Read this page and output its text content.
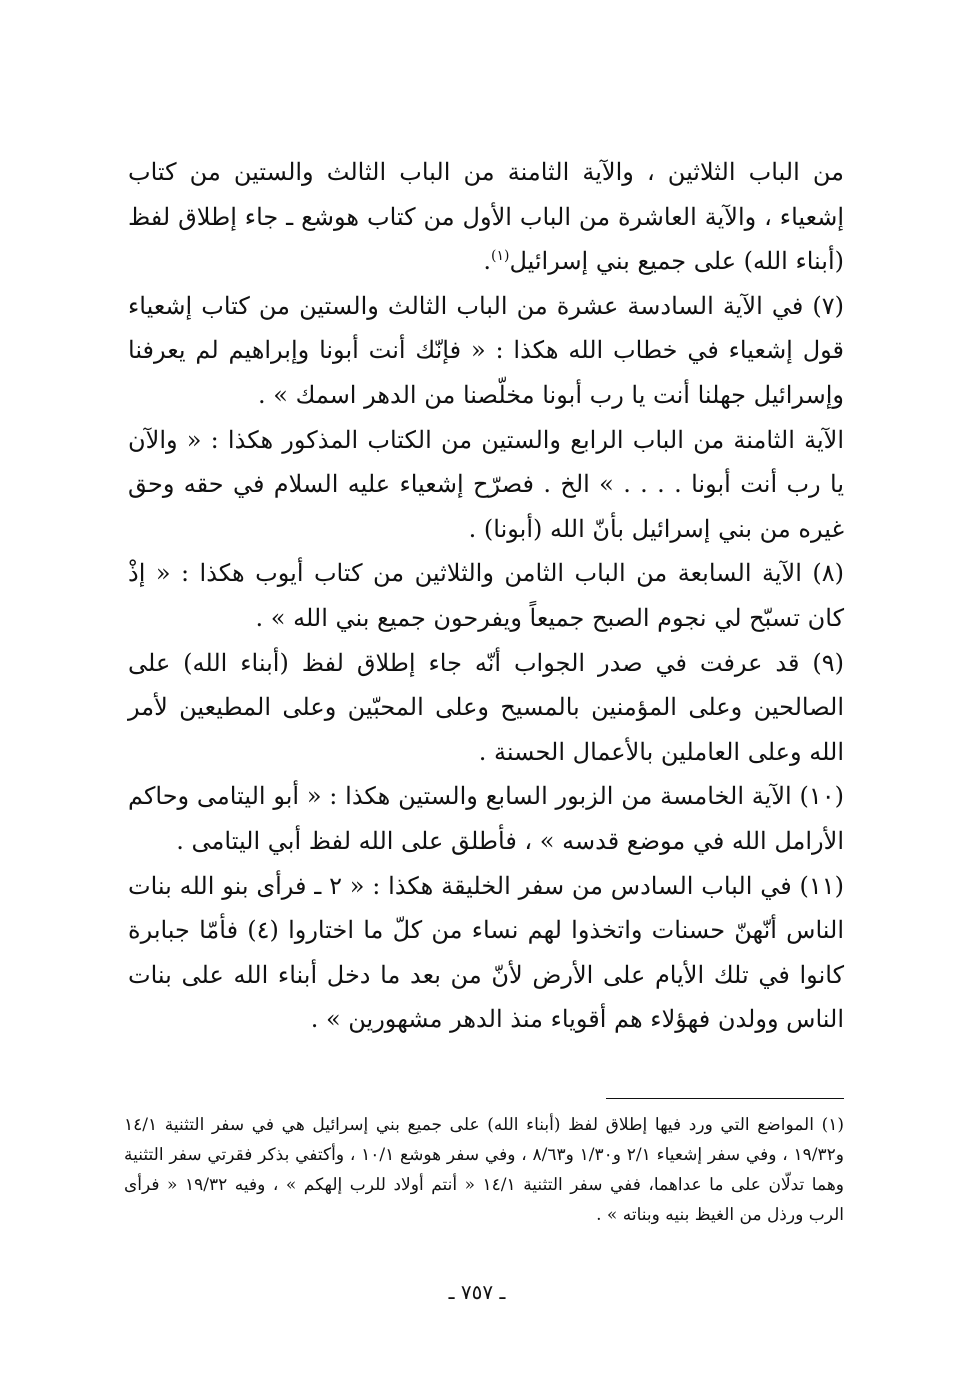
من الباب الثلاثين ، والآية الثامنة من الباب الثالث والستين من كتاب إشعياء ، والآية العاشرة من الباب الأول من كتاب هوشع ـ جاء إطلاق لفظ (أبناء الله) على جميع بني إسرائيل$^{(١)}$.

(٧) في الآية السادسة عشرة من الباب الثالث والستين من كتاب إشعياء قول إشعياء في خطاب الله هكذا : « فإنّك أنت أبونا وإبراهيم لم يعرفنا وإسرائيل جهلنا أنت يا رب أبونا مخلّصنا من الدهر اسمك » .

الآية الثامنة من الباب الرابع والستين من الكتاب المذكور هكذا : « والآن يا رب أنت أبونا . . . . » الخ . فصرّح إشعياء عليه السلام في حقه وحق غيره من بني إسرائيل بأنّ الله (أبونا) .

(٨) الآية السابعة من الباب الثامن والثلاثين من كتاب أيوب هكذا : « إذْ كان تسبّح لي نجوم الصبح جميعاً ويفرحون جميع بني الله » .

(٩) قد عرفت في صدر الجواب أنّه جاء إطلاق لفظ (أبناء الله) على الصالحين وعلى المؤمنين بالمسيح وعلى المحبّين وعلى المطيعين لأمر الله وعلى العاملين بالأعمال الحسنة .

(١٠) الآية الخامسة من الزبور السابع والستين هكذا : « أبو اليتامى وحاكم الأرامل الله في موضع قدسه » ، فأطلق على الله لفظ أبي اليتامى .

(١١) في الباب السادس من سفر الخليقة هكذا : « ٢ ـ فرأى بنو الله بنات الناس أنّهنّ حسنات واتخذوا لهم نساء من كلّ ما اختاروا (٤) فأمّا جبابرة كانوا في تلك الأيام على الأرض لأنّ من بعد ما دخل أبناء الله على بنات الناس وولدن فهؤلاء هم أقوياء منذ الدهر مشهورين » .

(١) المواضع التي ورد فيها إطلاق لفظ (أبناء الله) على جميع بني إسرائيل هي في سفر التثنية ١٤/١ و١٩/٣٢ ، وفي سفر إشعياء ٢/١ و١/٣٠ و٨/٦٣ ، وفي سفر هوشع ١٠/١ ، وأكتفي بذكر فقرتي سفر التثنية وهما تدلّان على ما عداهما، ففي سفر التثنية ١٤/١ « أنتم أولاد للرب إلهكم » ، وفيه ١٩/٣٢ « فرأى الرب ورذل من الغيظ بنيه وبناته » .

ـ ٧٥٧ ـ
